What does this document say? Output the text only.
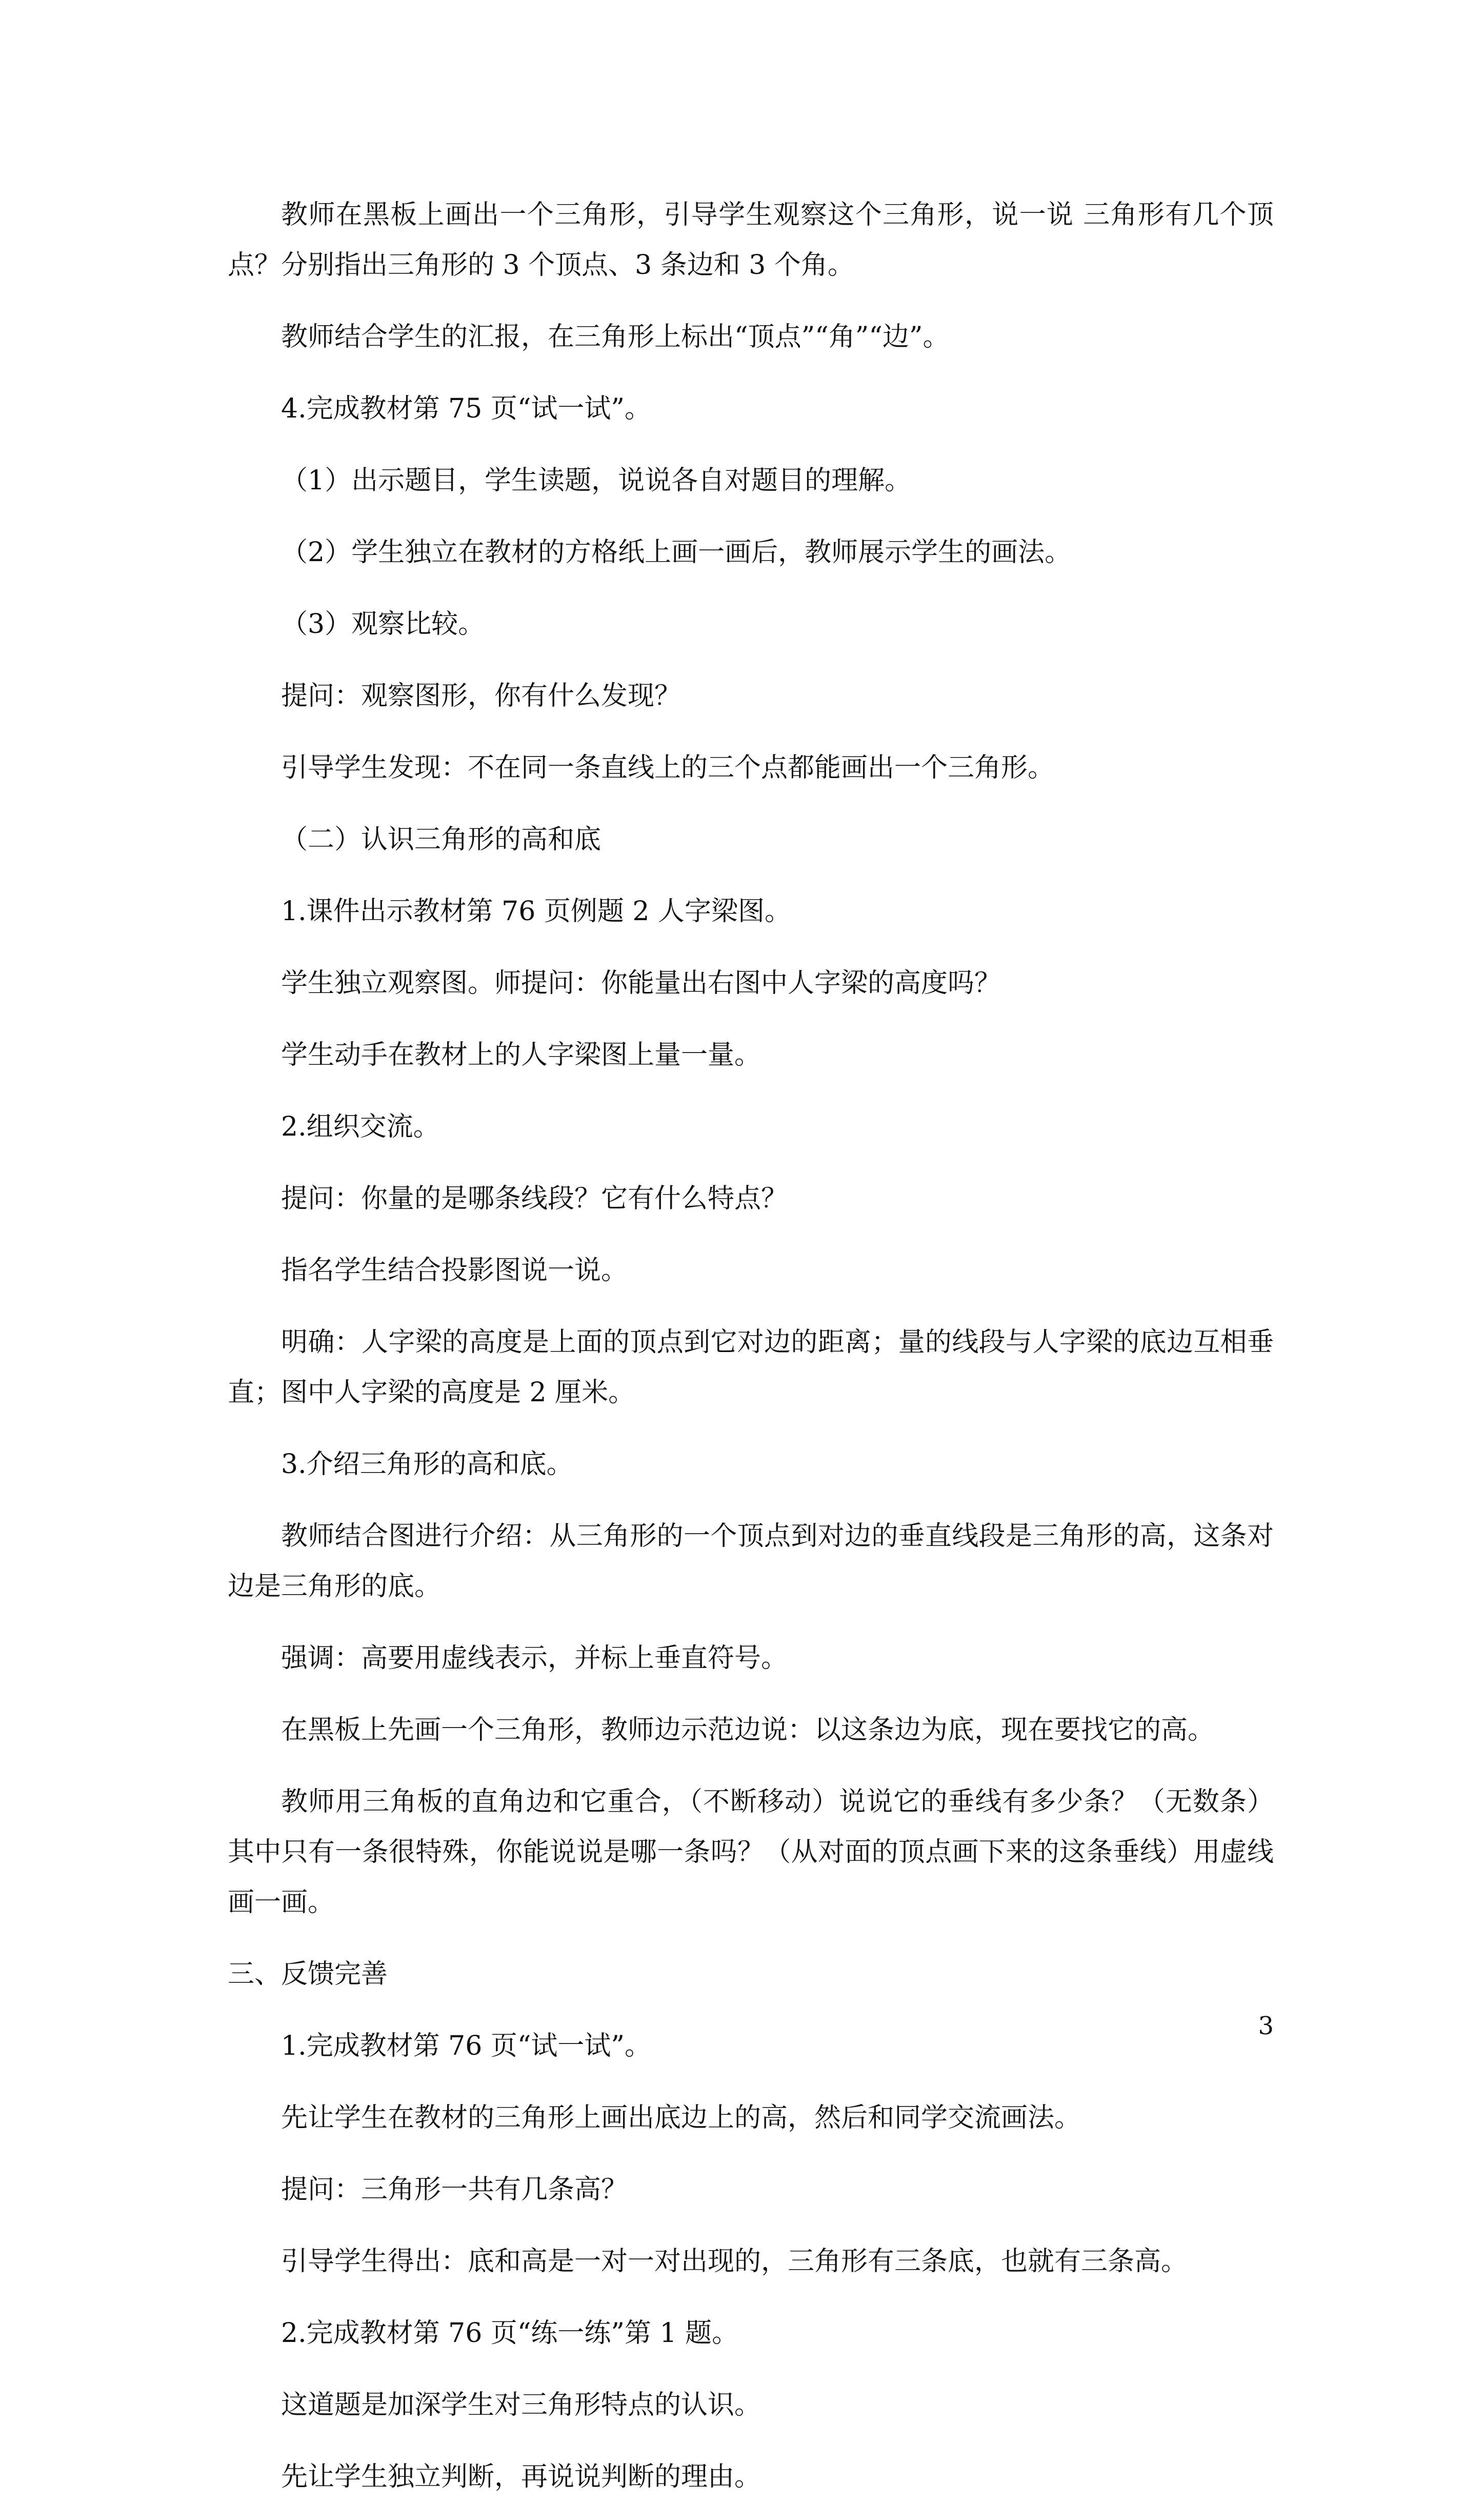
教师在黑板上画出一个三角形，引导学生观察这个三角形，说一说 三角形有几个顶点？分别指出三角形的 3 个顶点、3 条边和 3 个角。

教师结合学生的汇报，在三角形上标出“顶点”“角”“边”。

4.完成教材第 75 页“试一试”。

（1）出示题目，学生读题，说说各自对题目的理解。

（2）学生独立在教材的方格纸上画一画后，教师展示学生的画法。

（3）观察比较。

提问：观察图形，你有什么发现？

引导学生发现：不在同一条直线上的三个点都能画出一个三角形。

（二）认识三角形的高和底

1.课件出示教材第 76 页例题 2 人字梁图。

学生独立观察图。师提问：你能量出右图中人字梁的高度吗？

学生动手在教材上的人字梁图上量一量。

2.组织交流。

提问：你量的是哪条线段？它有什么特点？

指名学生结合投影图说一说。

明确：人字梁的高度是上面的顶点到它对边的距离；量的线段与人字梁的底边互相垂直；图中人字梁的高度是 2 厘米。

3.介绍三角形的高和底。

教师结合图进行介绍：从三角形的一个顶点到对边的垂直线段是三角形的高，这条对边是三角形的底。

强调：高要用虚线表示，并标上垂直符号。

在黑板上先画一个三角形，教师边示范边说：以这条边为底，现在要找它的高。

教师用三角板的直角边和它重合，（不断移动）说说它的垂线有多少条？（无数条）其中只有一条很特殊，你能说说是哪一条吗？（从对面的顶点画下来的这条垂线）用虚线画一画。

三、反馈完善

1.完成教材第 76 页“试一试”。

先让学生在教材的三角形上画出底边上的高，然后和同学交流画法。

提问：三角形一共有几条高？

引导学生得出：底和高是一对一对出现的，三角形有三条底，也就有三条高。

2.完成教材第 76 页“练一练”第 1 题。

这道题是加深学生对三角形特点的认识。

先让学生独立判断，再说说判断的理由。

3
